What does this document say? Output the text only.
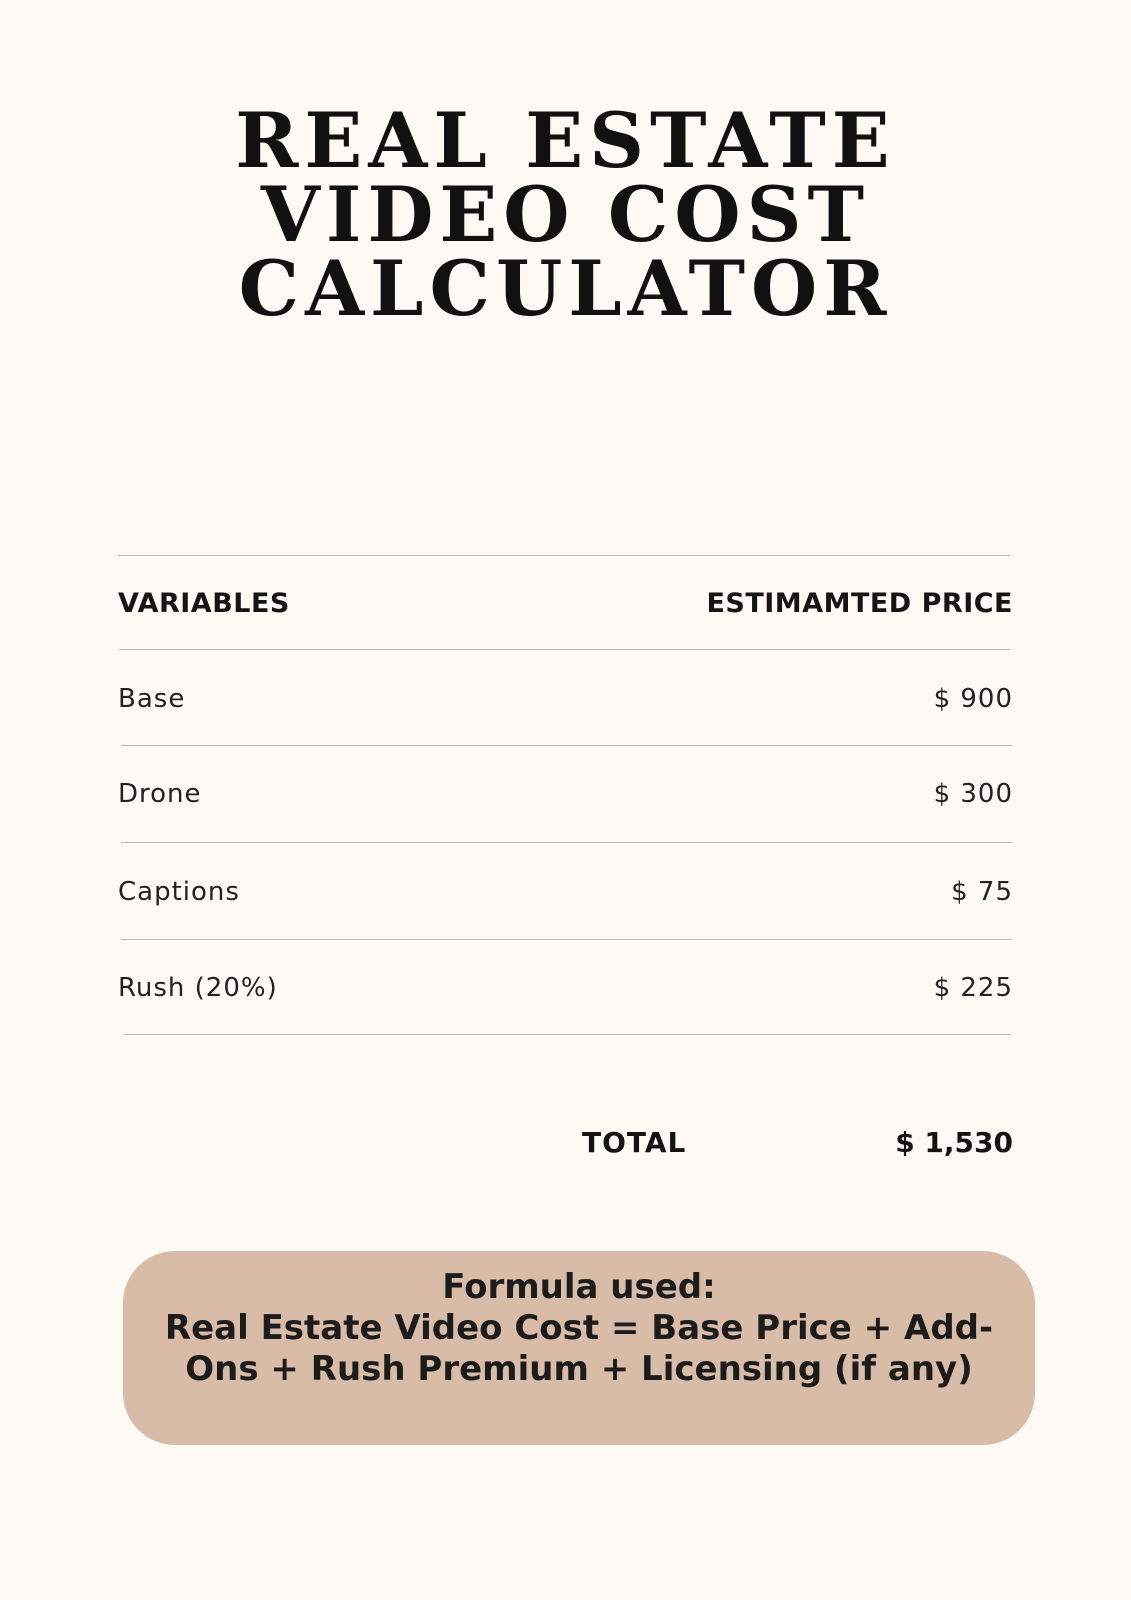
REAL ESTATE
VIDEO COST
CALCULATOR
VARIABLES	ESTIMAMTED PRICE
Base	$ 900
Drone	$ 300
Captions	$ 75
Rush (20%)	$ 225
TOTAL	$ 1,530
Formula used:
Real Estate Video Cost = Base Price + Add-
Ons + Rush Premium + Licensing (if any)
